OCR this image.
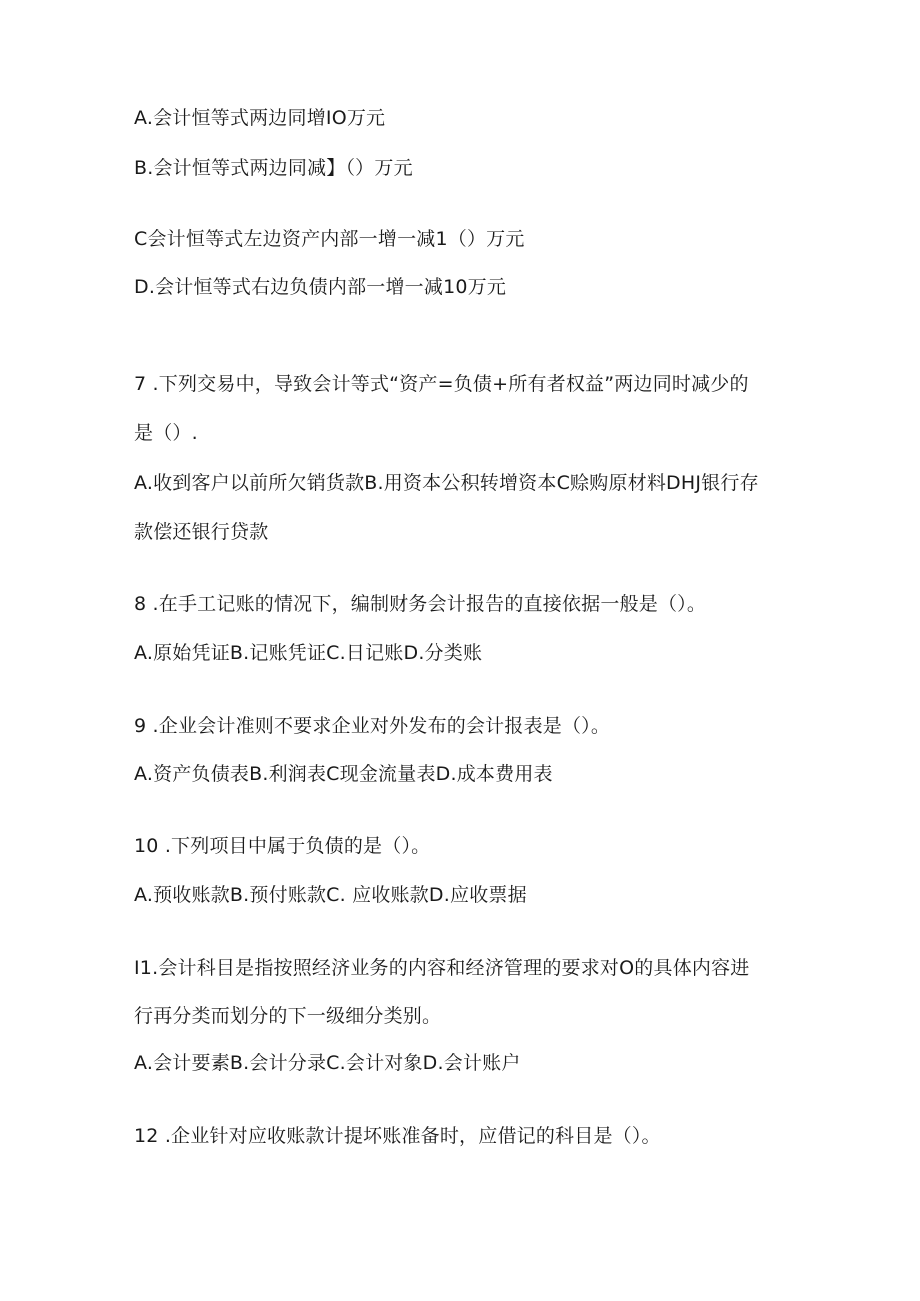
A.会计恒等式两边同增IO万元
B.会计恒等式两边同减】（）万元
C会计恒等式左边资产内部一增一减1（）万元
D.会计恒等式右边负债内部一增一减10万元
7 .下列交易中，导致会计等式“资产=负债+所有者权益”两边同时减少的
是（）.
A.收到客户以前所欠销货款B.用资本公积转增资本C赊购原材料DHJ银行存
款偿还银行贷款
8 .在手工记账的情况下，编制财务会计报告的直接依据一般是（）。
A.原始凭证B.记账凭证C.日记账D.分类账
9 .企业会计准则不要求企业对外发布的会计报表是（）。
A.资产负债表B.利润表C现金流量表D.成本费用表
10 .下列项目中属于负债的是（）。
A.预收账款B.预付账款C. 应收账款D.应收票据
I1.会计科目是指按照经济业务的内容和经济管理的要求对O的具体内容进
行再分类而划分的下一级细分类别。
A.会计要素B.会计分录C.会计对象D.会计账户
12 .企业针对应收账款计提坏账准备时，应借记的科目是（）。
